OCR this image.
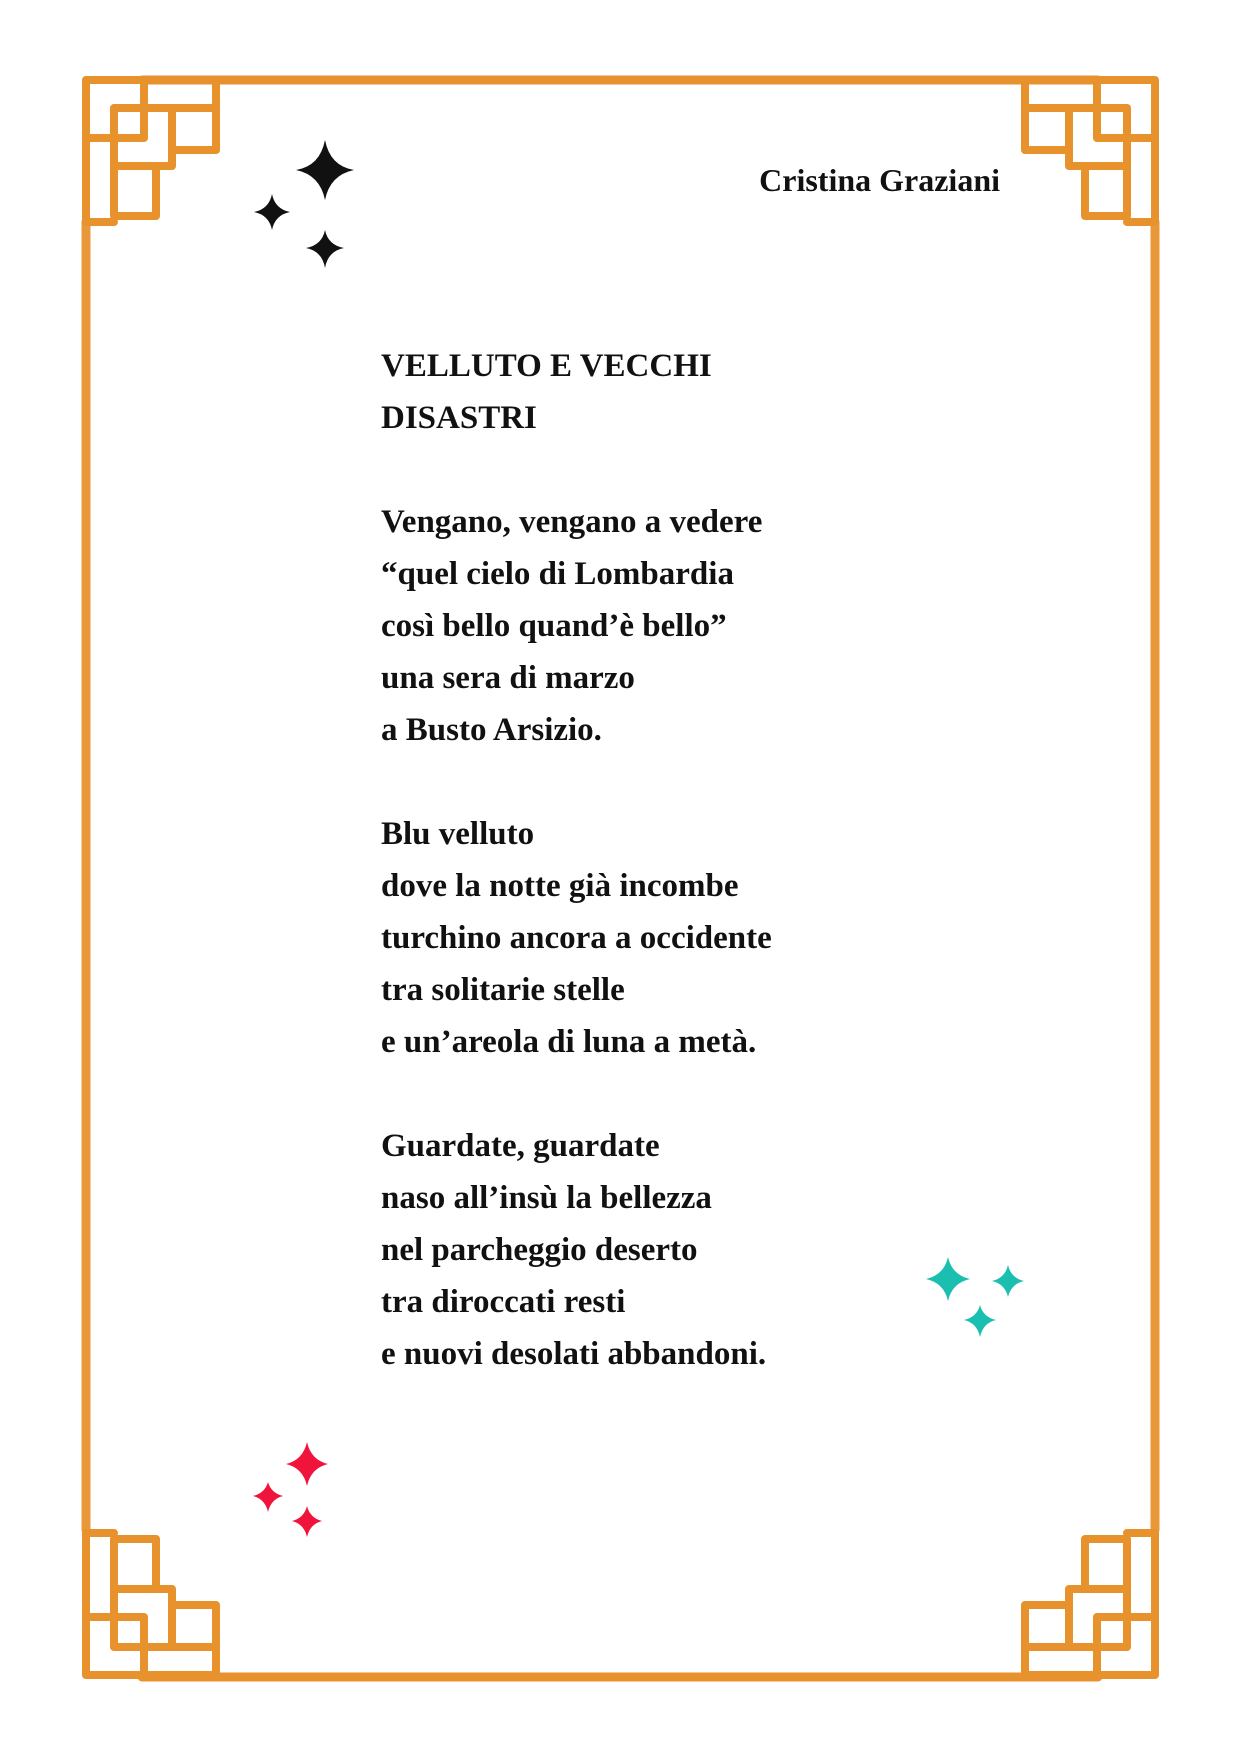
Cristina Graziani
VELLUTO E VECCHI
DISASTRI
Vengano, vengano a vedere
“quel cielo di Lombardia
così bello quand’è bello”
una sera di marzo
a Busto Arsizio.
Blu velluto
dove la notte già incombe
turchino ancora a occidente
tra solitarie stelle
e un’areola di luna a metà.
Guardate, guardate
naso all’insù la bellezza
nel parcheggio deserto
tra diroccati resti
e nuovi desolati abbandoni.
